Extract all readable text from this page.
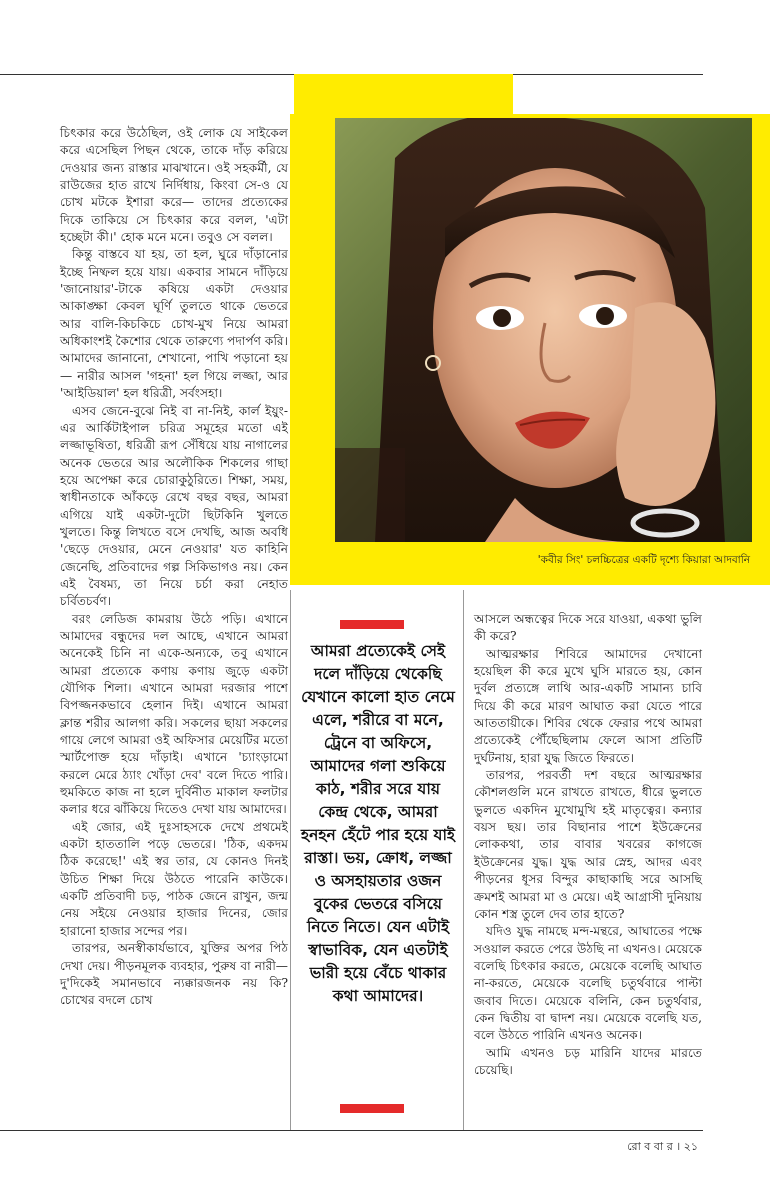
'কবীর সিং' চলচ্চিত্রের একটি দৃশ্যে কিয়ারা আদবানি

চিৎকার করে উঠেছিল, ওই লোক যে সাইকেল করে এসেছিল পিছন থেকে, তাকে দাঁড় করিয়ে দেওয়ার জন্য রাস্তার মাঝখানে। ওই সহকর্মী, যে রাউজের হাত রাখে নির্দিধায়, কিংবা সে-ও যে চোখ মটকে ইশারা করে— তাদের প্রত্যেকের দিকে তাকিয়ে সে চিৎকার করে বলল, 'এটা হচ্ছেটা কী।' হোক মনে মনে। তবুও সে বলল।

কিন্তু বাস্তবে যা হয়, তা হল, ঘুরে দাঁড়ানোর ইচ্ছে নিষ্ফল হয়ে যায়। একবার সামনে দাঁড়িয়ে 'জানোয়ার'-টাকে কষিয়ে একটা দেওয়ার আকাঙ্ক্ষা কেবল ঘূর্ণি তুলতে থাকে ভেতরে আর বালি-কিচকিচে চোখ-মুখ নিয়ে আমরা অধিকাংশই কৈশোর থেকে তারুণ্যে পদার্পণ করি। আমাদের জানানো, শেখানো, পাখি পড়ানো হয়— নারীর আসল 'গহনা' হল গিয়ে লজ্জা, আর 'আইডিয়াল' হল ধরিত্রী, সর্বংসহা।

এসব জেনে-বুঝে নিই বা না-নিই, কার্ল ইয়ুং-এর আর্কিটাইপাল চরিত্র সমূহের মতো এই লজ্জাভূষিতা, ধরিত্রী রূপ সেঁধিয়ে যায় নাগালের অনেক ভেতরে আর অলৌকিক শিকলের গাছা হয়ে অপেক্ষা করে চোরাকুঠুরিতে। শিক্ষা, সময়, স্বাধীনতাকে আঁকড়ে রেখে বছর বছর, আমরা এগিয়ে যাই একটা-দুটো ছিটকিনি খুলতে খুলতে। কিন্তু লিখতে বসে দেখছি, আজ অবধি 'ছেড়ে দেওয়ার, মেনে নেওয়ার' যত কাহিনি জেনেছি, প্রতিবাদের গল্প সিকিভাগও নয়। কেন এই বৈষম্য, তা নিয়ে চর্চা করা নেহাত চর্বিতচর্বণ।

বরং লেডিজ কামরায় উঠে পড়ি। এখানে আমাদের বন্ধুদের দল আছে, এখানে আমরা অনেকেই চিনি না একে-অন্যকে, তবু এখানে আমরা প্রত্যেকে কণায় কণায় জুড়ে একটা যৌগিক শিলা। এখানে আমরা দরজার পাশে বিপজ্জনকভাবে হেলান দিই। এখানে আমরা ক্লান্ত শরীর আলগা করি। সকলের ছায়া সকলের গায়ে লেগে আমরা ওই অফিসার মেয়েটির মতো স্মার্টপোক্ত হয়ে দাঁড়াই। এখানে 'চ্যাংড়ামো করলে মেরে ঠ্যাং খোঁড়া দেব' বলে দিতে পারি। হুমকিতে কাজ না হলে দুর্বিনীত মাকাল ফলটার কলার ধরে ঝাঁকিয়ে দিতেও দেখা যায় আমাদের।

এই জোর, এই দুঃসাহসকে দেখে প্রথমেই একটা হাততালি পড়ে ভেতরে। 'ঠিক, একদম ঠিক করেছে!' এই স্বর তার, যে কোনও দিনই উচিত শিক্ষা দিয়ে উঠতে পারেনি কাউকে। একটি প্রতিবাদী চড়, পাঠক জেনে রাখুন, জন্ম নেয় সইয়ে নেওয়ার হাজার দিনের, জোর হারানো হাজার সন্দের পর।

তারপর, অনস্বীকার্যভাবে, যুক্তির অপর পিঠ দেখা দেয়। পীড়নমূলক ব্যবহার, পুরুষ বা নারী— দু'দিকেই সমানভাবে ন্যক্কারজনক নয় কি? চোখের বদলে চোখ

আমরা প্রত্যেকেই সেই দলে দাঁড়িয়ে থেকেছি যেখানে কালো হাত নেমে এলে, শরীরে বা মনে, ট্রেনে বা অফিসে, আমাদের গলা শুকিয়ে কাঠ, শরীর সরে যায় কেন্দ্র থেকে, আমরা হনহন হেঁটে পার হয়ে যাই রাস্তা। ভয়, ক্রোধ, লজ্জা ও অসহায়তার ওজন বুকের ভেতরে বসিয়ে নিতে নিতে। যেন এটাই স্বাভাবিক, যেন এতটাই ভারী হয়ে বেঁচে থাকার কথা আমাদের।

আসলে অন্ধত্বের দিকে সরে যাওয়া, একথা ভুলি কী করে?

আত্মরক্ষার শিবিরে আমাদের দেখানো হয়েছিল কী করে মুখে ঘুসি মারতে হয়, কোন দুর্বল প্রত্যঙ্গে লাথি আর-একটি সামান্য চাবি দিয়ে কী করে মারণ আঘাত করা যেতে পারে আততায়ীকে। শিবির থেকে ফেরার পথে আমরা প্রত্যেকেই পৌঁছেছিলাম ফেলে আসা প্রতিটি দুর্ঘটনায়, হারা যুদ্ধ জিতে ফিরতে।

তারপর, পরবর্তী দশ বছরে আত্মরক্ষার কৌশলগুলি মনে রাখতে রাখতে, ধীরে ভুলতে ভুলতে একদিন মুখোমুখি হই মাতৃত্বের। কন্যার বয়স ছয়। তার বিছানার পাশে ইউক্রেনের লোককথা, তার বাবার খবরের কাগজে ইউক্রেনের যুদ্ধ। যুদ্ধ আর স্নেহ, আদর এবং পীড়নের ধূসর বিন্দুর কাছাকাছি সরে আসছি ক্রমশই আমরা মা ও মেয়ে। এই আগ্রাসী দুনিয়ায় কোন শস্ত্র তুলে দেব তার হাতে?

যদিও যুদ্ধ নামছে মন্দ-মন্থরে, আঘাতের পক্ষে সওয়াল করতে পেরে উঠছি না এখনও। মেয়েকে বলেছি চিৎকার করতে, মেয়েকে বলেছি আঘাত না-করতে, মেয়েকে বলেছি চতুর্থবারে পাল্টা জবাব দিতে। মেয়েকে বলিনি, কেন চতুর্থবার, কেন দ্বিতীয় বা দ্বাদশ নয়। মেয়েকে বলেছি যত, বলে উঠতে পারিনি এখনও অনেক।

আমি এখনও চড় মারিনি যাদের মারতে চেয়েছি।

রো ব বা র । ২১
